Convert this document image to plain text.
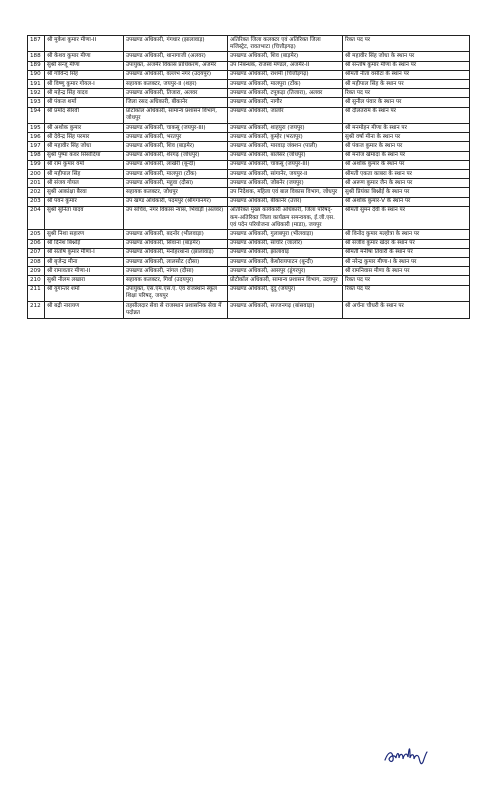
187	श्री मुकेश कुमार मीणा-II	उपखण्ड अधिकारी, गंगधार (झालावाड़)	अतिरिक्त जिला कलक्टर एवं अतिरिक्त जिला मजिस्ट्रेट, रावतभाटा (चित्तौड़गढ़)	रिक्त पद पर
188	श्री केशव कुमार मीणा	उपखण्ड अधिकारी, थानागाजी (अलवर)	उपखण्ड अधिकारी, शिव (बाड़मेर)	श्री महावीर सिंह जोधा के स्थान पर
189	सुश्री सन्जू मीणा	उपायुक्त, अजमेर विकास प्राधिकरण, अजमेर	उप निबन्धक, राजस्व मण्डल, अजमेर-II	श्री सन्तोष कुमार मीणा के स्थान पर
190	श्री गोविन्द सिंह	उपखण्ड अधिकारी, वल्लभ नगर (उदयपुर)	उपखण्ड अधिकारी, राशमी (चित्तौड़गढ़)	श्रीमती नीता वसीटा के स्थान पर
191	श्री विष्णु कुमार गोयल-I	सहायक कलक्टर, जयपुर-II (शहर)	उपखण्ड अधिकारी, मालपुरा (टोंक)	श्री महीपाल सिंह के स्थान पर
192	श्री महेन्द्र सिंह यादव	उपखण्ड अधिकारी, तिजारा, अलवर	उपखण्ड अधिकारी, टपूकड़ा (तिजारा), अलवर	रिक्त पद पर
193	श्री पंकज शर्मा	जिला रसद अधिकारी, बीकानेर	उपखण्ड अधिकारी, नागौर	श्री सुनील पंवार के स्थान पर
194	श्री प्रमोद सीरवी	प्रोटोकॉल अधिकारी, सामान्य प्रशासन विभाग, जोधपुर	उपखण्ड अधिकारी, जालोर	श्री दौलतराम के स्थान पर
195	श्री अशोक कुमार	उपखण्ड अधिकारी, चाकसू (जयपुर-III)	उपखण्ड अधिकारी, शाहपुरा (जयपुर)	श्री मनमोहन मीणा के स्थान पर
196	श्री देवेन्द्र सिंह परमार	उपखण्ड अधिकारी, भरतपुर	उपखण्ड अधिकारी, कुम्हेर (भरतपुर)	सुश्री वर्षा मीना के स्थान पर
197	श्री महावीर सिंह जोधा	उपखण्ड अधिकारी, शिव (बाड़मेर)	उपखण्ड अधिकारी, मारवाड़ जंक्शन (पाली)	श्री पंकज कुमार के स्थान पर
198	सुश्री पुष्पा कंवर सिसोदिया	उपखण्ड अधिकारी, शेरगढ़ (जोधपुर)	उपखण्ड अधिकारी, बालेसर (जोधपुर)	श्री मनोज खेमादा के स्थान पर
199	श्री राम कुमार वर्मा	उपखण्ड अधिकारी, लाखेरी (बून्दी)	उपखण्ड अधिकारी, चाकसू (जयपुर-III)	श्री अशोक कुमार के स्थान पर
200	श्री महीपाल सिंह	उपखण्ड अधिकारी, मालपुरा (टोंक)	उपखण्ड अधिकारी, सांगानेर, जयपुर-II	श्रीमती एकता काबरा के स्थान पर
201	श्री संजय गोयल	उपखण्ड अधिकारी, महुवा (दौसा)	उपखण्ड अधिकारी, जोबनेर (जयपुर)	श्री अरूण कुमार जैन के स्थान पर
202	सुश्री आकांक्षा बैरवा	सहायक कलक्टर, जोधपुर	उप निदेशक, महिला एवं बाल विकास विभाग, जोधपुर	सुश्री प्रियंका बिश्नोई के स्थान पर
203	श्री पवन कुमार	उप खण्ड अधिकारी, पदमपुर (श्रीगंगानगर)	उपखण्ड अधिकारी, बीकानेर (उत्तर)	श्री अशोक कुमार-V के स्थान पर
204	सुश्री सुनिता यादव	उप सचिव, नगर विकास न्यास, भिवाड़ी (अलवर)	अतिरिक्त मुख्य कार्यकारी अधिकारी, जिला परिषद्-कम-अतिरिक्त जिला कार्यक्रम समन्वयक, ई.जी.एस. एवं पदेन परियोजना अधिकारी (माडा), जयपुर	श्रीमती सुमन देवी के स्थान पर
205	सुश्री निशा सहारण	उपखण्ड अधिकारी, बदनोर (भीलवाड़ा)	उपखण्ड अधिकारी, गुलाबपुरा (भीलवाड़ा)	श्री विनोद कुमार मल्होत्रा के स्थान पर
206	श्री दिनेश बिश्नोई	उपखण्ड अधिकारी, सिवाना (बाड़मेर)	उपखण्ड अधिकारी, सांचोर (जालोर)	श्री संजीव कुमार खेदर के स्थान पर
207	श्री संतोष कुमार मीणा-I	उपखण्ड अधिकारी, मनोहरथाना (झालावाड़)	उपखण्ड अधिकारी, झालावाड़	श्रीमती मनीषा तिवारी के स्थान पर
208	श्री बृजेन्द्र मीना	उपखण्ड अधिकारी, लालसोट (दौसा)	उपखण्ड अधिकारी, केशोरायपाटन (बून्दी)	श्री नरेन्द्र कुमार मीणा-I के स्थान पर
209	श्री रामावतार मीणा-II	उपखण्ड अधिकारी, नांगल (दौसा)	उपखण्ड अधिकारी, आसपुर (डूंगरपुर)	श्री रामनिवास मीणा के स्थान पर
210	सुश्री नीलम लखारा	सहायक कलक्टर, गिर्वा (उदयपुर)	प्रोटोकॉल अधिकारी, सामान्य प्रशासन विभाग, उदयपुर	रिक्त पद पर
211	श्री युगान्तर शर्मा	उपायुक्त, एस.एम.एस.ए. एवं राजस्थान स्कूल शिक्षा परिषद्, जयपुर	उपखण्ड अधिकारी, दूदू (जयपुर)	रिक्त पद पर
212	श्री बद्री नारायण	तहसीलदार सेवा से राजस्थान प्रशासनिक सेवा में पदोन्नत	उपखण्ड अधिकारी, सज्जनगढ़ (बांसवाड़ा)	श्री अर्चना चौधरी के स्थान पर
